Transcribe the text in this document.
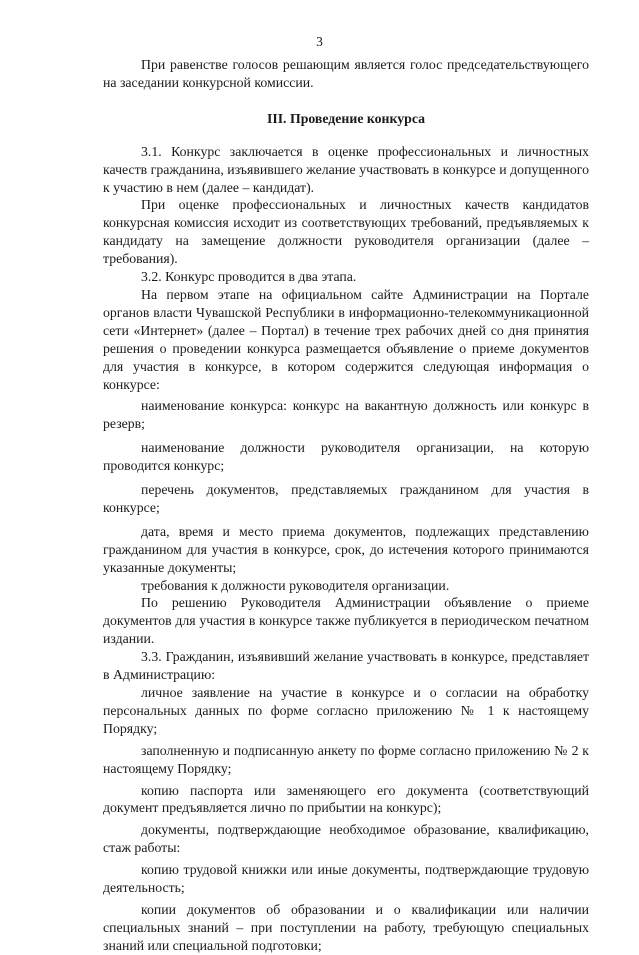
3

При равенстве голосов решающим является голос председательствующего на заседании конкурсной комиссии.

III. Проведение конкурса

3.1. Конкурс заключается в оценке профессиональных и личностных качеств гражданина, изъявившего желание участвовать в конкурсе и допущенного к участию в нем (далее – кандидат).

При оценке профессиональных и личностных качеств кандидатов конкурсная комиссия исходит из соответствующих требований, предъявляемых к кандидату на замещение должности руководителя организации (далее – требования).

3.2. Конкурс проводится в два этапа.

На первом этапе на официальном сайте Администрации на Портале органов власти Чувашской Республики в информационно-телекоммуникационной сети «Интернет» (далее – Портал) в течение трех рабочих дней со дня принятия решения о проведении конкурса размещается объявление о приеме документов для участия в конкурсе, в котором содержится следующая информация о конкурсе:

наименование конкурса: конкурс на вакантную должность или конкурс в резерв;

наименование должности руководителя организации, на которую проводится конкурс;

перечень документов, представляемых гражданином для участия в конкурсе;

дата, время и место приема документов, подлежащих представлению гражданином для участия в конкурсе, срок, до истечения которого принимаются указанные документы;

требования к должности руководителя организации.

По решению Руководителя Администрации объявление о приеме документов для участия в конкурсе также публикуется в периодическом печатном издании.

3.3. Гражданин, изъявивший желание участвовать в конкурсе, представляет в Администрацию:

личное заявление на участие в конкурсе и о согласии на обработку персональных данных по форме согласно приложению № 1 к настоящему Порядку;

заполненную и подписанную анкету по форме согласно приложению № 2 к настоящему Порядку;

копию паспорта или заменяющего его документа (соответствующий документ предъявляется лично по прибытии на конкурс);

документы, подтверждающие необходимое образование, квалификацию, стаж работы:

копию трудовой книжки или иные документы, подтверждающие трудовую деятельность;

копии документов об образовании и о квалификации или наличии специальных знаний – при поступлении на работу, требующую специальных знаний или специальной подготовки;
